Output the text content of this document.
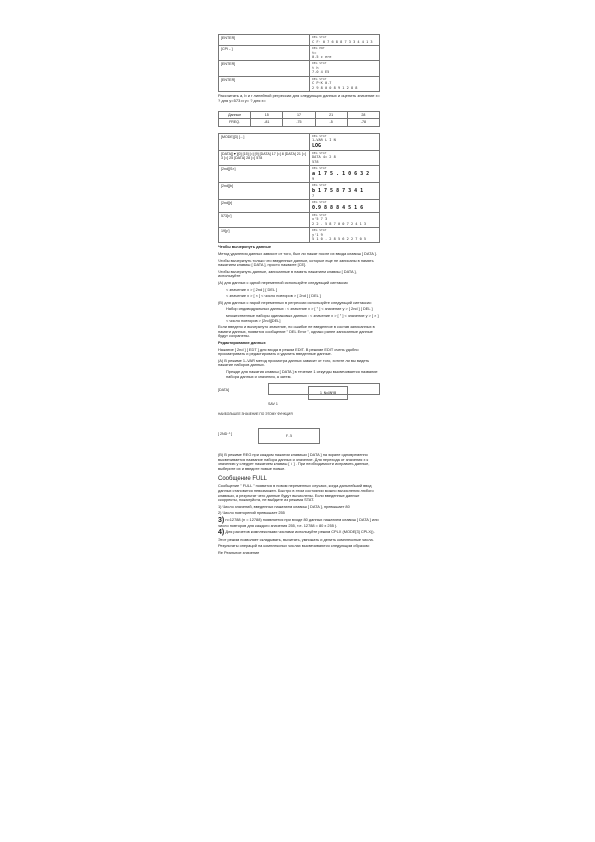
[ENTER]	DEG STAT
C F· 0 7 6 8 8 7 3 3 4 4 1 3

[CPI←]	DEG PWT
t=
0.5 c ere

[ENTER]	DEG STAT
t h
7.0 4 E5

[ENTER]	DEG STAT
C P·K 0.7
2 9 8 0 0 8 9 1 2 8 8

Рассчитать a, b и r линейной регрессии для следующих данных и оценить значение x= ? для y=573 и y= ? для x=

Данные	15	17	21	28
FREQ.	-81	-75	-5	-78
[MODE][3] [←]	DEG STAT
1–VAR L I N
LOG

[DATA][▼][0] [15] [=] [9] [DATA] 17 [=] 8 [DATA] 21 [=] 3 [=] 25 [DATA] 28 [=] 578	DEG STAT
DATA 4= 2 8
578

[2nd][S×]	DEG STAT
a 1 7 5 . 1 0 6 3 2
9

[2nd][b]	DEG STAT
b 1 7 5 8 7 3 4 1
7

[2nd][r]	DEG STAT
0.9 8 8 8 4 5 1 6

573[x']	DEG STAT
x'5 7 3
2 2 . 5 8 7 0 0 7 2 4 1 3

19[y']	DEG STAT
y'1 9
5 1 0 . 2 8 5 6 2 2 7 0 5

Чтобы вычеркнуть данные

Метод удаления данных зависит от того, был ли нажат после их ввода клавиш [ DATA ].

Чтобы вычеркнуть только что введенные данные, которые еще не записаны в память нажатием клавиш [ DATA ], просто нажмите [CE].

Чтобы вычеркнуть данные, записанные в память нажатием клавиш [ DATA ], используйте

(A) для данных с одной переменной используйте следующий синтаксис

< значение x > [ 2nd ] [ DEL ]

< значение x > [ × ] < число повторов > [ 2nd ] [ DEL ]

(B) для данных с парой переменных в регрессии используйте следующий синтаксис:

Набор индивидуальных данных : < значение x > [ ° ] < значение y > [ 2nd ] [ DEL ]

множественные наборы одинаковых данных : < значение x > [ ° ] < значение y > [ × ] < число повторов > [2nd][DEL]

Если введено и вычеркнуто значение, по ошибке не введенное в состав записанных в памяти данных, появится сообщение " DEL Error ", однако ранее записанные данные будут сохранены.

Редактирование данных

Нажатие [ 2nd ] [ EDT ] для входа в режим EDIT. В режиме EDIT очень удобно просматривать и редактировать и удалить введенные данные.

(A) В режиме 1–VAR метод просмотра данных зависит от того, хотите ли вы видеть нажатие наборов данных.

Прежде для нажатия клавиш [ DATA ] в течение 1 секунды высвечивается название набора данных и значения, а затем.

[DATA]
1 NxXNYB
SAV 1
НАИБОЛЬШЕЕ ЗНАЧЕНИЕ ПО ЭТОМУ ФУНКЦИЯ
[ 2ND⁻¹ ]	F.5

(B) В режиме REG при каждом нажатии клавиши [ DATA ] на экране одновременно высвечивается название набора данных и значение. Для перехода от значения x к значению y следует нажатием клавиш [ ↕ ] . При необходимости исправить данные, выберите их и введите новые новые.

Сообщение FULL

Сообщение " FULL " появится в новом переменных случаях, когда дальнейший ввод данных становится невозможен. Быстро в этом состоянии можно вычисления любого клавиши, а результат чего данные будут вычислены. Если введенные данные скорректы, пожалуйста, не выйдите из режима STAT.

1) Число значений, введенных нажатием клавиш [ DATA ], превышает 80

2) Число повторений превышает 255

3) n=12788 (n = 12788) появляется при входе 80 данных нажатием клавиш [ DATA ] или число повторов для каждого значения 255, т.е. 12788 = 80 x 255 ).

4) Для расчетов комплексными числами используйте режим CPLX (MODE[3] CPLX)).

Этот режим позволяет складывать, вычитать, умножать и делить комплексные числа.

Результаты операций на комплексных числах высвечиваются следующим образом:

Re Реальное значение
